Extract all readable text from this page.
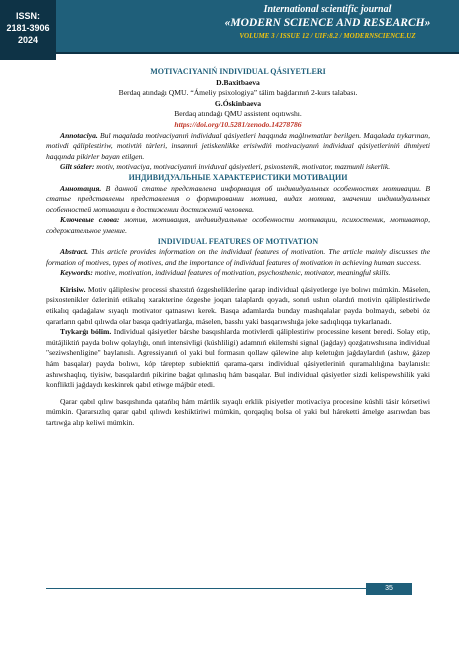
ISSN:
2181-3906
2024
International scientific journal
«MODERN SCIENCE AND RESEARCH»
VOLUME 3 / ISSUE 12 / UIF:8.2 / MODERNSCIENCE.UZ

MOTIVACIYANIŃ INDIVIDUAL QÁSIYETLERI

D.Baxitbaeva

Berdaq atındaǵı QMU. “Ámeliy psixologiya” tálim baǵdarınıń 2-kurs talabası.

G.Óskinbaeva

Berdaq atındaǵı QMU assistent oqıtıwshı.

https://doi.org/10.5281/zenodo.14278786

Annotaciya. Bul maqalada motivaciyanıń individual qásiyetleri haqqında maǵlıwmatlar berilgen. Maqalada tıykarınan, motivdi qáliplestiriw, motivtiń túrleri, insannıń jetiskenlikke erisiwdiń motivaciyanıń individual qásiyetleriniń áhmiyeti haqqında pikirler bayan etilgen.

Gilt sózler: motiv, motivaciya, motivaciyanıń inviduval qásiyetleri, psixostenik, motivator, mazmunli iskerlik.

ИНДИВИДУАЛЬНЫЕ ХАРАКТЕРИСТИКИ МОТИВАЦИИ

Аннотация. В данной статье представлена информация об индивидуальных особенностях мотивации. В статье представлены представления о формировании мотива, видах мотива, значении индивидуальных особенностей мотивации в достижении достижений человека.

Ключевые слова: мотив, мотивация, индивидуальные особенности мотивации, психостеник, мотиватор, содержательное умение.

INDIVIDUAL FEATURES OF MOTIVATION

Abstract. This article provides information on the individual features of motivation. The article mainly discusses the formation of motives, types of motives, and the importance of individual features of motivation in achieving human success.

Keywords: motive, motivation, individual features of motivation, psychosthenic, motivator, meaningful skills.

Kirisiw. Motiv qáliplesiw processi shaxstıń ózgeshelikleri̇ne qarap individual qásiyetlerge iye bolıwı múmkin. Máselen, psixostenikler ózleriniń etikalıq xarakterine ózgeshe joqarı talaplardı qoyadı, sonıń ushın olardıń motivin qáliplestiriwde etikalıq qadaǵalaw sıyaqlı motivator qatnasıwı kerek. Basqa adamlarda bunday mashqalalar payda bolmaydı, sebebi óz qararların qabıl qılıwda olar basqa qadriyatlarǵa, máselen, basshı yaki basqarıwshıǵa jeke sadıqlıqqa tıykarlanadı.

Tıykarǵı bólim. Individual qásiyetler bárshe basqıshlarda motivlerdi qáliplestiriw processine kesent beredi. Solay etip, mútájliktiń payda bolıw qolaylıǵı, onıń intensivligi (kúshliligi) adamnıń ekilemshi signal (jaǵday) qozǵatıwshısına individual "seziwshenligine" baylanıslı. Agressiyanıń ol yaki bul formasın qollaw qálewine alıp keletuǵın jaǵdaylardıń (ashıw, ǵázep hám basqalar) payda bolıwı, kóp táreptep subiekttiń qarama-qarsı individual qásiyetleriniń quramalılıǵına baylanıslı: ashıwshaqlıq, tiyisiw, basqalardıń pikirine baǵat qılınaslıq hám basqalar. Bul individual qásiyetler sizdi kelispewshilik yaki konfliktli jaǵdaydı keskinrek qabıl etiwge májbúr etedi.

Qarar qabıl qılıw basqıshında qatańlıq hám mártlik sıyaqlı erklik pisiyetler motivaciya procesine kúshli tásir kórsetiwi múmkin. Qararsızlıq qarar qabıl qılıwdı keshiktiriwi múmkin, qorqaqlıq bolsa ol yaki bul háreketti ámelge asırıwdan bas tartıwǵa alıp keliwi múmkin.

35
